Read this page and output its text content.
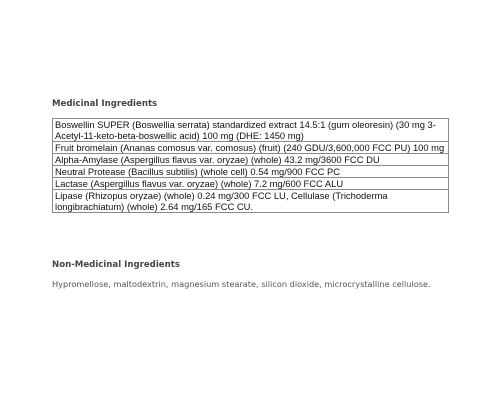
Medicinal Ingredients
Boswellin SUPER (Boswellia serrata) standardized extract 14.5:1 (gum oleoresin) (30 mg 3-Acetyl-11-keto-beta-boswellic acid) 100 mg (DHE: 1450 mg)
Fruit bromelain (Ananas comosus var. comosus) (fruit) (240 GDU/3,600,000 FCC PU) 100 mg
Alpha-Amylase (Aspergillus flavus var. oryzae) (whole) 43.2 mg/3600 FCC DU
Neutral Protease (Bacillus subtilis) (whole cell) 0.54 mg/900 FCC PC
Lactase (Aspergillus flavus var. oryzae) (whole) 7.2 mg/600 FCC ALU
Lipase (Rhizopus oryzae) (whole) 0.24 mg/300 FCC LU, Cellulase (Trichoderma longibrachiatum) (whole) 2.64 mg/165 FCC CU.
Non-Medicinal Ingredients

Hypromellose, maltodextrin, magnesium stearate, silicon dioxide, microcrystalline cellulose.
